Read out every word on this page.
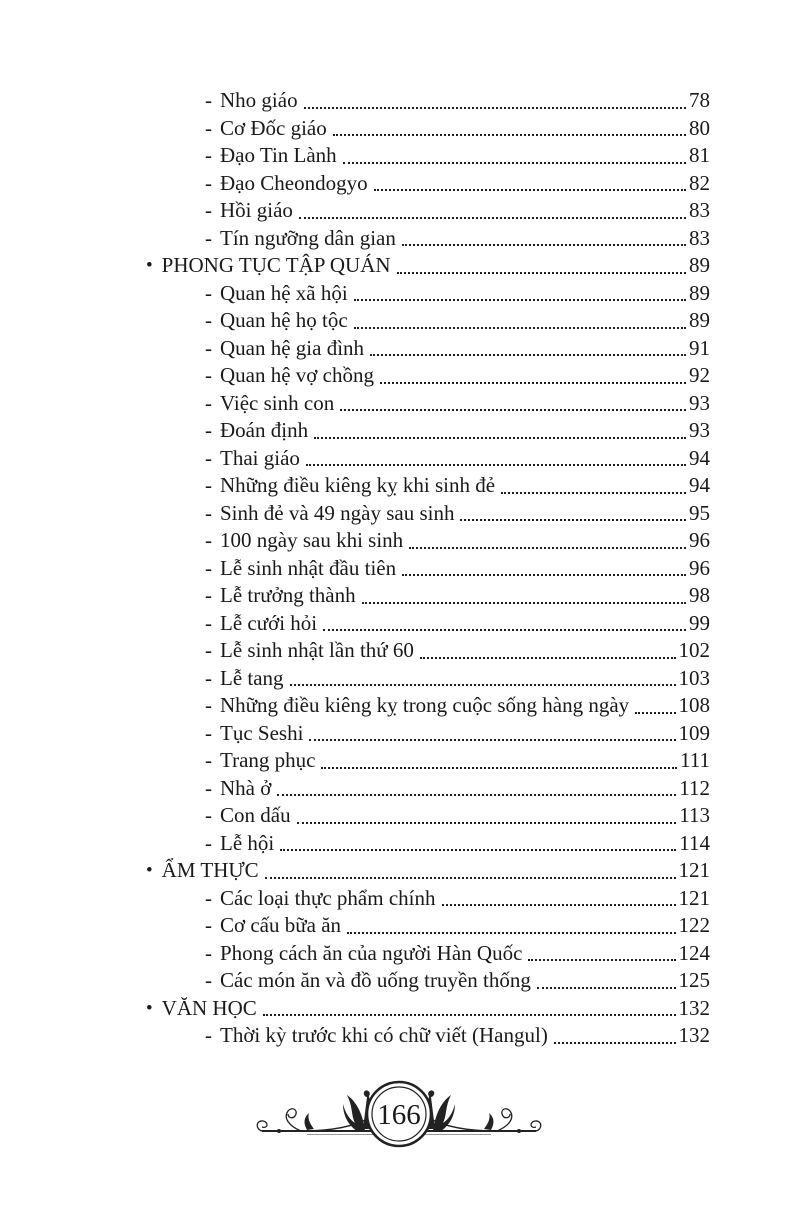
- Nho giáo	78
- Cơ Đốc giáo	80
- Đạo Tin Lành	81
- Đạo Cheondogyo	82
- Hồi giáo	83
- Tín ngưỡng dân gian	83
• PHONG TỤC TẬP QUÁN	89
- Quan hệ xã hội	89
- Quan hệ họ tộc	89
- Quan hệ gia đình	91
- Quan hệ vợ chồng	92
- Việc sinh con	93
- Đoán định	93
- Thai giáo	94
- Những điều kiêng kỵ khi sinh đẻ	94
- Sinh đẻ và 49 ngày sau sinh	95
- 100 ngày sau khi sinh	96
- Lễ sinh nhật đầu tiên	96
- Lễ trưởng thành	98
- Lễ cưới hỏi	99
- Lễ sinh nhật lần thứ 60	102
- Lễ tang	103
- Những điều kiêng kỵ trong cuộc sống hàng ngày 108
- Tục Seshi	109
- Trang phục	111
- Nhà ở	112
- Con dấu	113
- Lễ hội	114
• ẨM THỰC	121
- Các loại thực phẩm chính	121
- Cơ cấu bữa ăn	122
- Phong cách ăn của người Hàn Quốc	124
- Các món ăn và đồ uống truyền thống	125
• VĂN HỌC	132
- Thời kỳ trước khi có chữ viết (Hangul)	132
166
